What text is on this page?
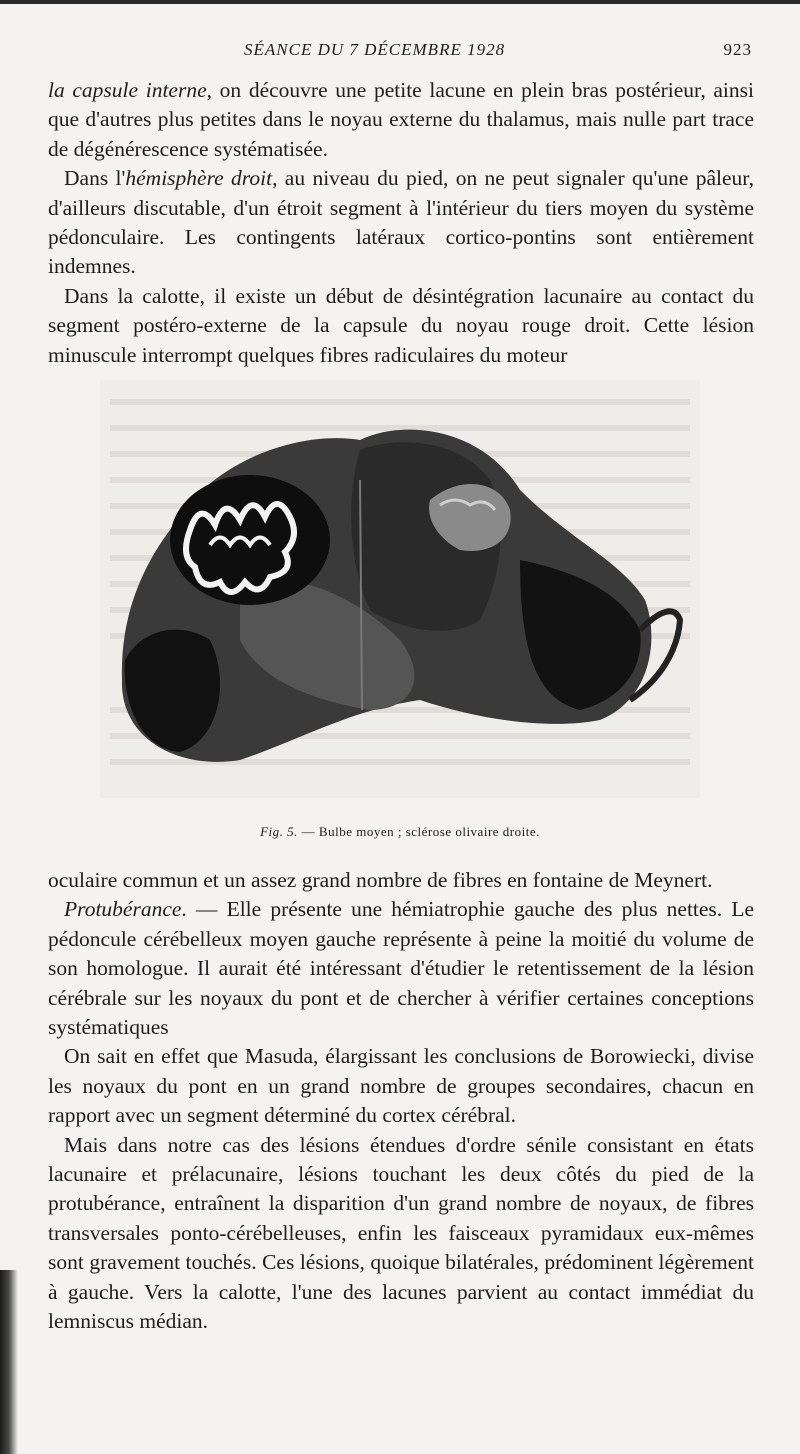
SÉANCE DU 7 DÉCEMBRE 1928	923

la capsule interne, on découvre une petite lacune en plein bras postérieur, ainsi que d'autres plus petites dans le noyau externe du thalamus, mais nulle part trace de dégénérescence systématisée.

Dans l'hémisphère droit, au niveau du pied, on ne peut signaler qu'une pâleur, d'ailleurs discutable, d'un étroit segment à l'intérieur du tiers moyen du système pédonculaire. Les contingents latéraux cortico-pontins sont entièrement indemnes.

Dans la calotte, il existe un début de désintégration lacunaire au contact du segment postéro-externe de la capsule du noyau rouge droit. Cette lésion minuscule interrompt quelques fibres radiculaires du moteur

Fig. 5. — Bulbe moyen ; sclérose olivaire droite.

oculaire commun et un assez grand nombre de fibres en fontaine de Meynert.

Protubérance. — Elle présente une hémiatrophie gauche des plus nettes. Le pédoncule cérébelleux moyen gauche représente à peine la moitié du volume de son homologue. Il aurait été intéressant d'étudier le retentissement de la lésion cérébrale sur les noyaux du pont et de chercher à vérifier certaines conceptions systématiques

On sait en effet que Masuda, élargissant les conclusions de Borowiecki, divise les noyaux du pont en un grand nombre de groupes secondaires, chacun en rapport avec un segment déterminé du cortex cérébral.

Mais dans notre cas des lésions étendues d'ordre sénile consistant en états lacunaire et prélacunaire, lésions touchant les deux côtés du pied de la protubérance, entraînent la disparition d'un grand nombre de noyaux, de fibres transversales ponto-cérébelleuses, enfin les faisceaux pyramidaux eux-mêmes sont gravement touchés. Ces lésions, quoique bilatérales, prédominent légèrement à gauche. Vers la calotte, l'une des lacunes parvient au contact immédiat du lemniscus médian.
